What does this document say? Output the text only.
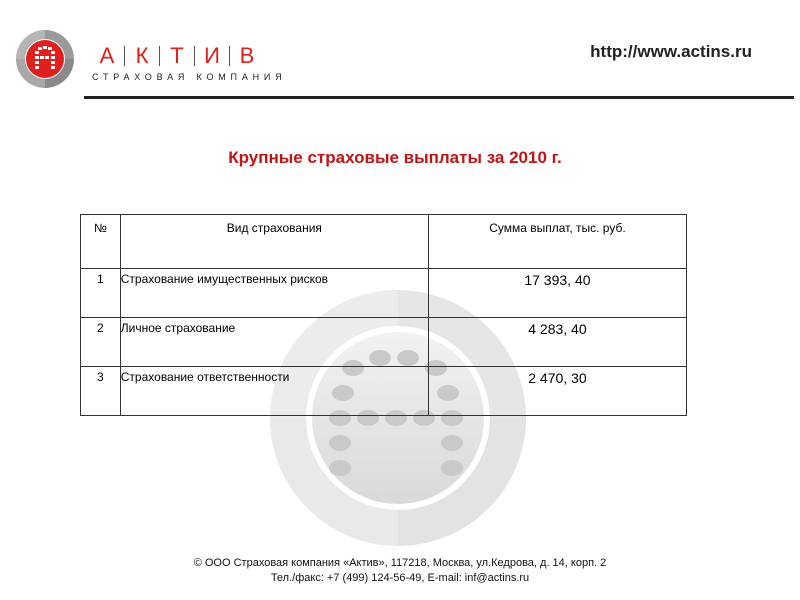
А К Т И В
СТРАХОВАЯ КОМПАНИЯ
http://www.actins.ru
Крупные страховые выплаты за 2010 г.
№	Вид страхования	Сумма выплат, тыс. руб.
1	Страхование имущественных рисков	17 393, 40
2	Личное страхование	4 283, 40
3	Страхование ответственности	2 470, 30
© ООО Страховая компания «Актив», 117218, Москва, ул.Кедрова, д. 14, корп. 2
Тел./факс: +7 (499) 124-56-49, E-mail: inf@actins.ru
